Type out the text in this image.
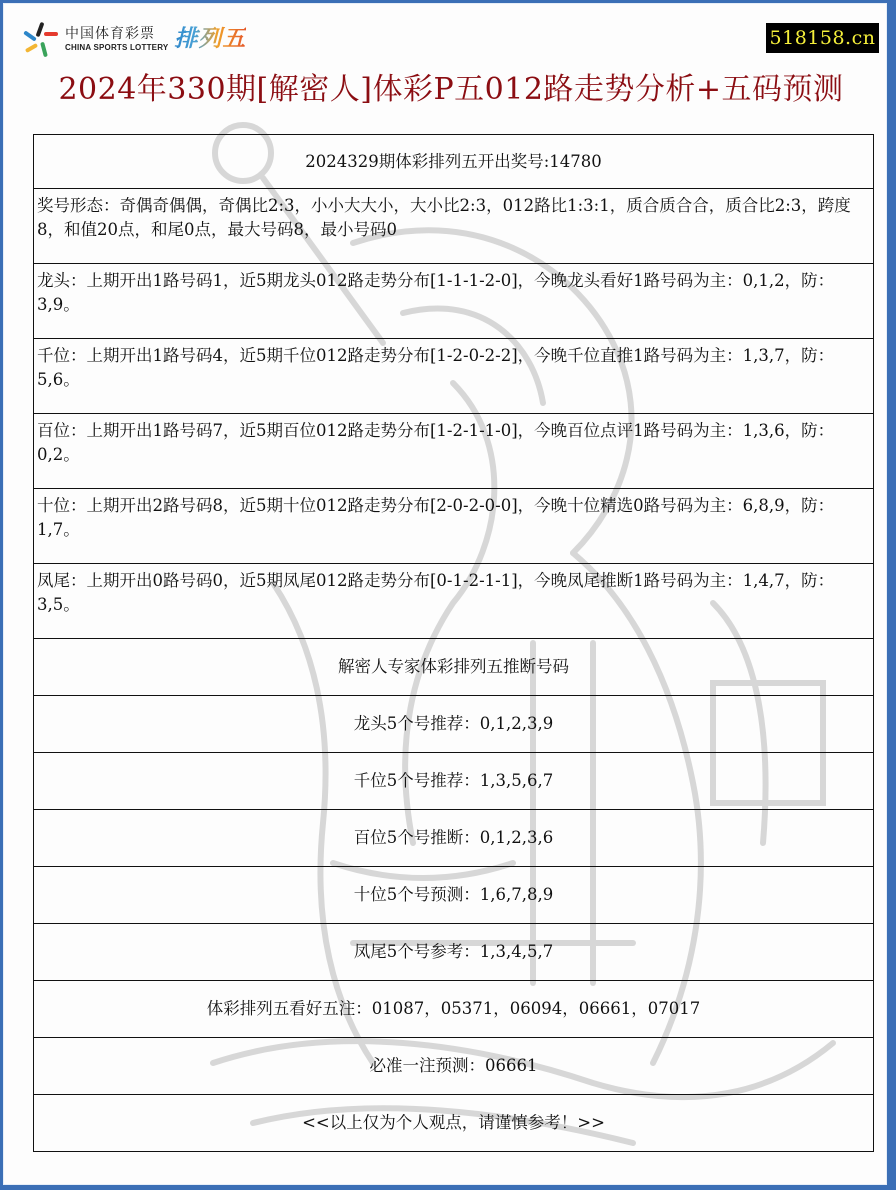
中国体育彩票
CHINA SPORTS LOTTERY 排列五	518158.cn
2024年330期[解密人]体彩P五012路走势分析+五码预测
2024329期体彩排列五开出奖号:14780
奖号形态：奇偶奇偶偶，奇偶比2:3，小小大大小，大小比2:3，012路比1:3:1，质合质合合，质合比2:3，跨度8，和值20点，和尾0点，最大号码8，最小号码0
龙头：上期开出1路号码1，近5期龙头012路走势分布[1-1-1-2-0]，今晚龙头看好1路号码为主：0,1,2，防：3,9。
千位：上期开出1路号码4，近5期千位012路走势分布[1-2-0-2-2]，今晚千位直推1路号码为主：1,3,7，防：5,6。
百位：上期开出1路号码7，近5期百位012路走势分布[1-2-1-1-0]，今晚百位点评1路号码为主：1,3,6，防：0,2。
十位：上期开出2路号码8，近5期十位012路走势分布[2-0-2-0-0]，今晚十位精选0路号码为主：6,8,9，防：1,7。
凤尾：上期开出0路号码0，近5期凤尾012路走势分布[0-1-2-1-1]，今晚凤尾推断1路号码为主：1,4,7，防：3,5。
解密人专家体彩排列五推断号码
龙头5个号推荐：0,1,2,3,9
千位5个号推荐：1,3,5,6,7
百位5个号推断：0,1,2,3,6
十位5个号预测：1,6,7,8,9
凤尾5个号参考：1,3,4,5,7
体彩排列五看好五注：01087，05371，06094，06661，07017
必准一注预测：06661
<<以上仅为个人观点，请谨慎参考！>>
